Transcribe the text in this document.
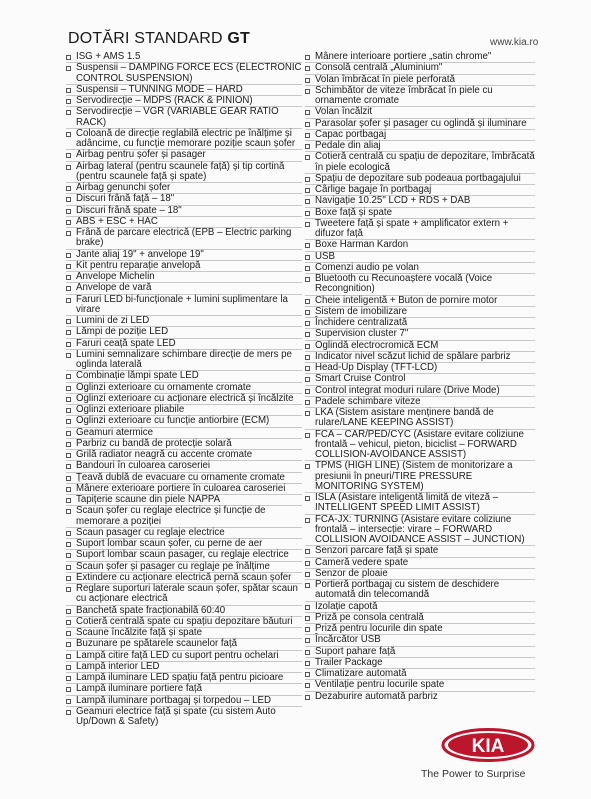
DOTĂRI STANDARD GT	www.kia.ro
ISG + AMS 1.5
Suspensii – DAMPING FORCE ECS (ELECTRONIC CONTROL SUSPENSION)
Suspensii – TUNNING MODE – HARD
Servodirecție – MDPS (RACK & PINION)
Servodirecție – VGR (VARIABLE GEAR RATIO RACK)
Coloană de direcție reglabilă electric pe înălțime și adâncime, cu funcție memorare poziție scaun șofer
Airbag pentru șofer și pasager
Airbag lateral (pentru scaunele față) și tip cortină (pentru scaunele față și spate)
Airbag genunchi șofer
Discuri frână față – 18"
Discuri frână spate – 18"
ABS + ESC + HAC
Frână de parcare electrică (EPB – Electric parking brake)
Jante aliaj 19" + anvelope 19"
Kit pentru reparație anvelopă
Anvelope Michelin
Anvelope de vară
Faruri LED bi-funcționale + lumini suplimentare la virare
Lumini de zi LED
Lămpi de poziție LED
Faruri ceață spate LED
Lumini semnalizare schimbare direcție de mers pe oglinda laterală
Combinație lămpi spate LED
Oglinzi exterioare cu ornamente cromate
Oglinzi exterioare cu acționare electrică și încălzite
Oglinzi exterioare pliabile
Oglinzi exterioare cu funcție antiorbire (ECM)
Geamuri atermice
Parbriz cu bandă de protecție solară
Grilă radiator neagră cu accente cromate
Bandouri în culoarea caroseriei
Țeavă dublă de evacuare cu ornamente cromate
Mânere exterioare portiere în culoarea caroseriei
Tapițerie scaune din piele NAPPA
Scaun șofer cu reglaje electrice și funcție de memorare a poziției
Scaun pasager cu reglaje electrice
Suport lombar scaun șofer, cu perne de aer
Suport lombar scaun pasager, cu reglaje electrice
Scaun șofer și pasager cu reglaje pe înălțime
Extindere cu acționare electrică pernă scaun șofer
Reglare suporturi laterale scaun șofer, spătar scaun cu acționare electrică
Banchetă spate fracționabilă 60:40
Cotieră centrală spate cu spațiu depozitare băuturi
Scaune încălzite față și spate
Buzunare pe spătarele scaunelor față
Lampă citire față LED cu suport pentru ochelari
Lampă interior LED
Lampă iluminare LED spațiu față pentru picioare
Lampă iluminare portiere față
Lampă iluminare portbagaj și torpedou – LED
Geamuri electrice față și spate (cu sistem Auto Up/Down & Safety)
Mânere interioare portiere „satin chrome"
Consolă centrală „Aluminium"
Volan îmbrăcat în piele perforată
Schimbător de viteze îmbrăcat în piele cu ornamente cromate
Volan încălzit
Parasolar șofer și pasager cu oglindă și iluminare
Capac portbagaj
Pedale din aliaj
Cotieră centrală cu spațiu de depozitare, îmbrăcată în piele ecologică
Spațiu de depozitare sub podeaua portbagajului
Cârlige bagaje în portbagaj
Navigație 10.25" LCD + RDS + DAB
Boxe față și spate
Tweetere față și spate + amplificator extern + difuzor față
Boxe Harman Kardon
USB
Comenzi audio pe volan
Bluetooth cu Recunoaștere vocală (Voice Recongnition)
Cheie inteligentă + Buton de pornire motor
Sistem de imobilizare
Închidere centralizată
Supervision cluster 7"
Oglindă electrocromică ECM
Indicator nivel scăzut lichid de spălare parbriz
Head-Up Display (TFT-LCD)
Smart Cruise Control
Control integrat moduri rulare (Drive Mode)
Padele schimbare viteze
LKA (Sistem asistare menținere bandă de rulare/LANE KEEPING ASSIST)
FCA – CAR/PED/CYC (Asistare evitare coliziune frontală – vehicul, pieton, biciclist – FORWARD COLLISION-AVOIDANCE ASSIST)
TPMS (HIGH LINE) (Sistem de monitorizare a presiunii în pneuri/TIRE PRESSURE MONITORING SYSTEM)
ISLA (Asistare inteligentă limită de viteză – INTELLIGENT SPEED LIMIT ASSIST)
FCA-JX: TURNING (Asistare evitare coliziune frontală – intersecție: virare – FORWARD COLLISION AVOIDANCE ASSIST – JUNCTION)
Senzori parcare față și spate
Cameră vedere spate
Senzor de ploaie
Portieră portbagaj cu sistem de deschidere automată din telecomandă
Izolație capotă
Priză pe consola centrală
Priză pentru locurile din spate
Încărcător USB
Suport pahare față
Trailer Package
Climatizare automată
Ventilație pentru locurile spate
Dezaburire automată parbriz
KIA
The Power to Surprise
